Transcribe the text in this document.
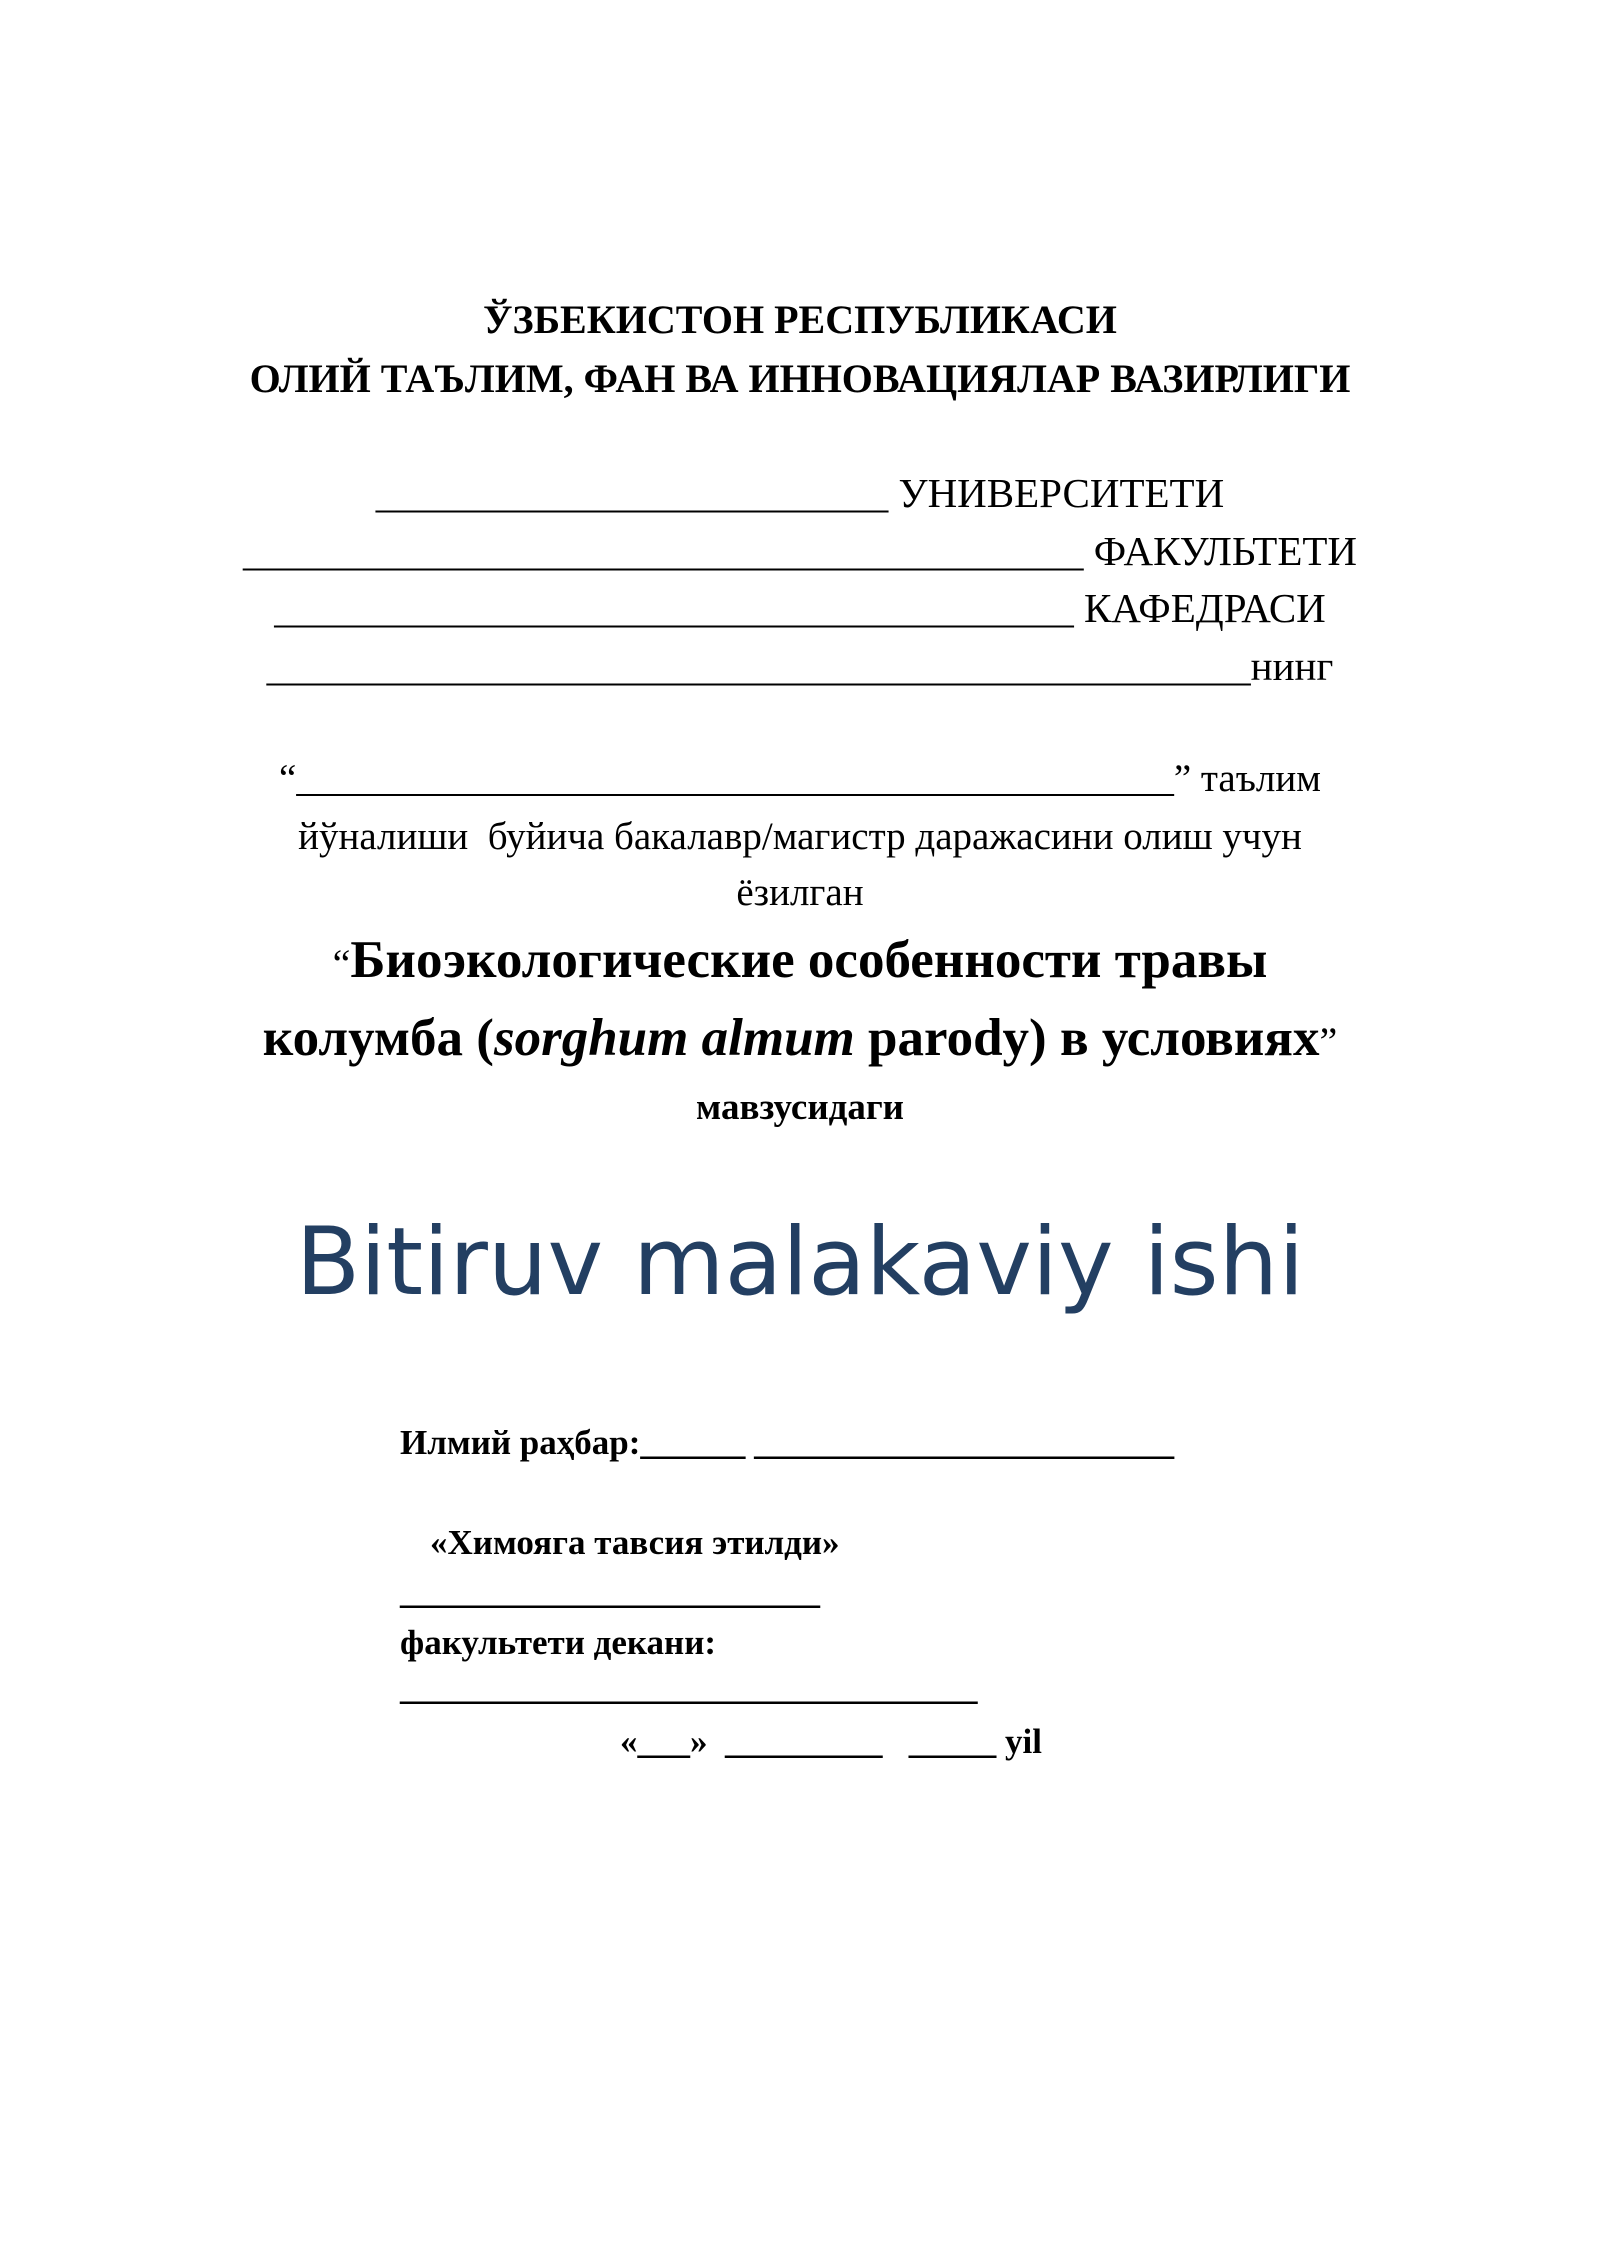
ЎЗБЕКИСТОН РЕСПУБЛИКАСИ
ОЛИЙ ТАЪЛИМ, ФАН ВА ИННОВАЦИЯЛАР ВАЗИРЛИГИ
_________________________ УНИВЕРСИТЕТИ
_________________________________________ ФАКУЛЬТЕТИ
_______________________________________ КАФЕДРАСИ
________________________________________________нинг
“_____________________________________________” таълим
йўналиши  буйича бакалавр/магистр даражасини олиш учун
ёзилган
“Биоэкологические особенности травы
колумба (sorghum almum parody) в условиях”
мавзусидаги
Bitiruv malakaviy ishi
Илмий раҳбар:______ ________________________
«Химояга тавсия этилди»
________________________
факультети декани:
_________________________________
«___»  _________   _____ yil
